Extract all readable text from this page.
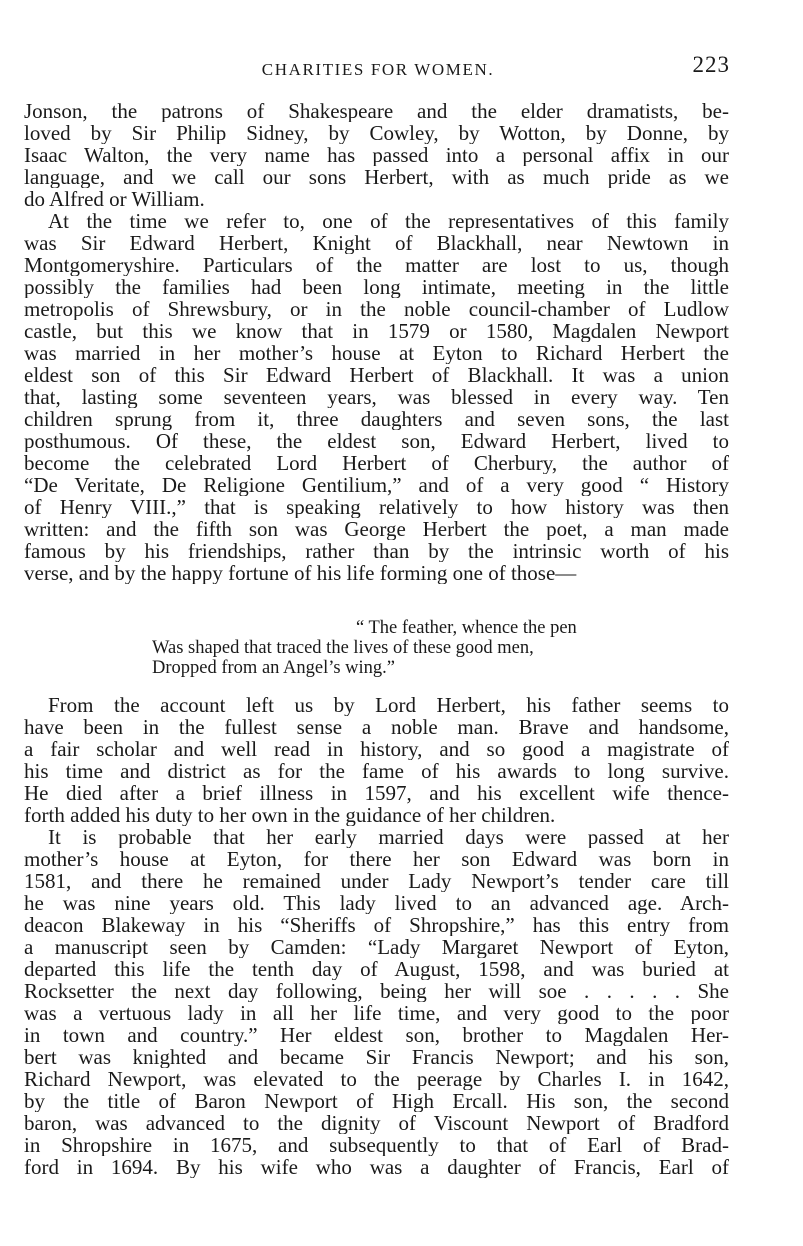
CHARITIES FOR WOMEN.	223
Jonson, the patrons of Shakespeare and the elder dramatists, be-
loved by Sir Philip Sidney, by Cowley, by Wotton, by Donne, by
Isaac Walton, the very name has passed into a personal affix in our
language, and we call our sons Herbert, with as much pride as we
do Alfred or William.
At the time we refer to, one of the representatives of this family
was Sir Edward Herbert, Knight of Blackhall, near Newtown in
Montgomeryshire. Particulars of the matter are lost to us, though
possibly the families had been long intimate, meeting in the little
metropolis of Shrewsbury, or in the noble council-chamber of Ludlow
castle, but this we know that in 1579 or 1580, Magdalen Newport
was married in her mother’s house at Eyton to Richard Herbert the
eldest son of this Sir Edward Herbert of Blackhall. It was a union
that, lasting some seventeen years, was blessed in every way. Ten
children sprung from it, three daughters and seven sons, the last
posthumous. Of these, the eldest son, Edward Herbert, lived to
become the celebrated Lord Herbert of Cherbury, the author of
“De Veritate, De Religione Gentilium,” and of a very good “ History
of Henry VIII.,” that is speaking relatively to how history was then
written: and the fifth son was George Herbert the poet, a man made
famous by his friendships, rather than by the intrinsic worth of his
verse, and by the happy fortune of his life forming one of those—
“ The feather, whence the pen
Was shaped that traced the lives of these good men,
Dropped from an Angel’s wing.”
From the account left us by Lord Herbert, his father seems to
have been in the fullest sense a noble man. Brave and handsome,
a fair scholar and well read in history, and so good a magistrate of
his time and district as for the fame of his awards to long survive.
He died after a brief illness in 1597, and his excellent wife thence-
forth added his duty to her own in the guidance of her children.
It is probable that her early married days were passed at her
mother’s house at Eyton, for there her son Edward was born in
1581, and there he remained under Lady Newport’s tender care till
he was nine years old. This lady lived to an advanced age. Arch-
deacon Blakeway in his “Sheriffs of Shropshire,” has this entry from
a manuscript seen by Camden: “Lady Margaret Newport of Eyton,
departed this life the tenth day of August, 1598, and was buried at
Rocksetter the next day following, being her will soe . . . . . She
was a vertuous lady in all her life time, and very good to the poor
in town and country.” Her eldest son, brother to Magdalen Her-
bert was knighted and became Sir Francis Newport; and his son,
Richard Newport, was elevated to the peerage by Charles I. in 1642,
by the title of Baron Newport of High Ercall. His son, the second
baron, was advanced to the dignity of Viscount Newport of Bradford
in Shropshire in 1675, and subsequently to that of Earl of Brad-
ford in 1694. By his wife who was a daughter of Francis, Earl of
